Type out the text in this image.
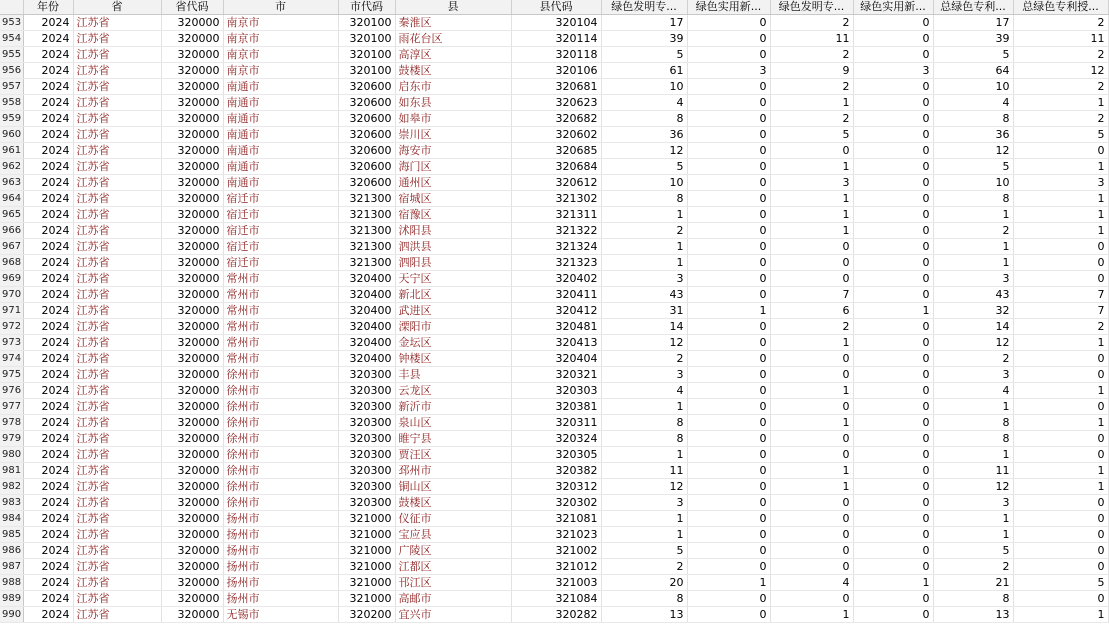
	年份	省	省代码	市	市代码	县	县代码	绿色发明专...	绿色实用新...	绿色发明专...	绿色实用新...	总绿色专利...	总绿色专利授...
953	2024	江苏省	320000	南京市	320100	秦淮区	320104	17	0	2	0	17	2
954	2024	江苏省	320000	南京市	320100	雨花台区	320114	39	0	11	0	39	11
955	2024	江苏省	320000	南京市	320100	高淳区	320118	5	0	2	0	5	2
956	2024	江苏省	320000	南京市	320100	鼓楼区	320106	61	3	9	3	64	12
957	2024	江苏省	320000	南通市	320600	启东市	320681	10	0	2	0	10	2
958	2024	江苏省	320000	南通市	320600	如东县	320623	4	0	1	0	4	1
959	2024	江苏省	320000	南通市	320600	如皋市	320682	8	0	2	0	8	2
960	2024	江苏省	320000	南通市	320600	崇川区	320602	36	0	5	0	36	5
961	2024	江苏省	320000	南通市	320600	海安市	320685	12	0	0	0	12	0
962	2024	江苏省	320000	南通市	320600	海门区	320684	5	0	1	0	5	1
963	2024	江苏省	320000	南通市	320600	通州区	320612	10	0	3	0	10	3
964	2024	江苏省	320000	宿迁市	321300	宿城区	321302	8	0	1	0	8	1
965	2024	江苏省	320000	宿迁市	321300	宿豫区	321311	1	0	1	0	1	1
966	2024	江苏省	320000	宿迁市	321300	沭阳县	321322	2	0	1	0	2	1
967	2024	江苏省	320000	宿迁市	321300	泗洪县	321324	1	0	0	0	1	0
968	2024	江苏省	320000	宿迁市	321300	泗阳县	321323	1	0	0	0	1	0
969	2024	江苏省	320000	常州市	320400	天宁区	320402	3	0	0	0	3	0
970	2024	江苏省	320000	常州市	320400	新北区	320411	43	0	7	0	43	7
971	2024	江苏省	320000	常州市	320400	武进区	320412	31	1	6	1	32	7
972	2024	江苏省	320000	常州市	320400	溧阳市	320481	14	0	2	0	14	2
973	2024	江苏省	320000	常州市	320400	金坛区	320413	12	0	1	0	12	1
974	2024	江苏省	320000	常州市	320400	钟楼区	320404	2	0	0	0	2	0
975	2024	江苏省	320000	徐州市	320300	丰县	320321	3	0	0	0	3	0
976	2024	江苏省	320000	徐州市	320300	云龙区	320303	4	0	1	0	4	1
977	2024	江苏省	320000	徐州市	320300	新沂市	320381	1	0	0	0	1	0
978	2024	江苏省	320000	徐州市	320300	泉山区	320311	8	0	1	0	8	1
979	2024	江苏省	320000	徐州市	320300	睢宁县	320324	8	0	0	0	8	0
980	2024	江苏省	320000	徐州市	320300	贾汪区	320305	1	0	0	0	1	0
981	2024	江苏省	320000	徐州市	320300	邳州市	320382	11	0	1	0	11	1
982	2024	江苏省	320000	徐州市	320300	铜山区	320312	12	0	1	0	12	1
983	2024	江苏省	320000	徐州市	320300	鼓楼区	320302	3	0	0	0	3	0
984	2024	江苏省	320000	扬州市	321000	仪征市	321081	1	0	0	0	1	0
985	2024	江苏省	320000	扬州市	321000	宝应县	321023	1	0	0	0	1	0
986	2024	江苏省	320000	扬州市	321000	广陵区	321002	5	0	0	0	5	0
987	2024	江苏省	320000	扬州市	321000	江都区	321012	2	0	0	0	2	0
988	2024	江苏省	320000	扬州市	321000	邗江区	321003	20	1	4	1	21	5
989	2024	江苏省	320000	扬州市	321000	高邮市	321084	8	0	0	0	8	0
990	2024	江苏省	320000	无锡市	320200	宜兴市	320282	13	0	1	0	13	1
